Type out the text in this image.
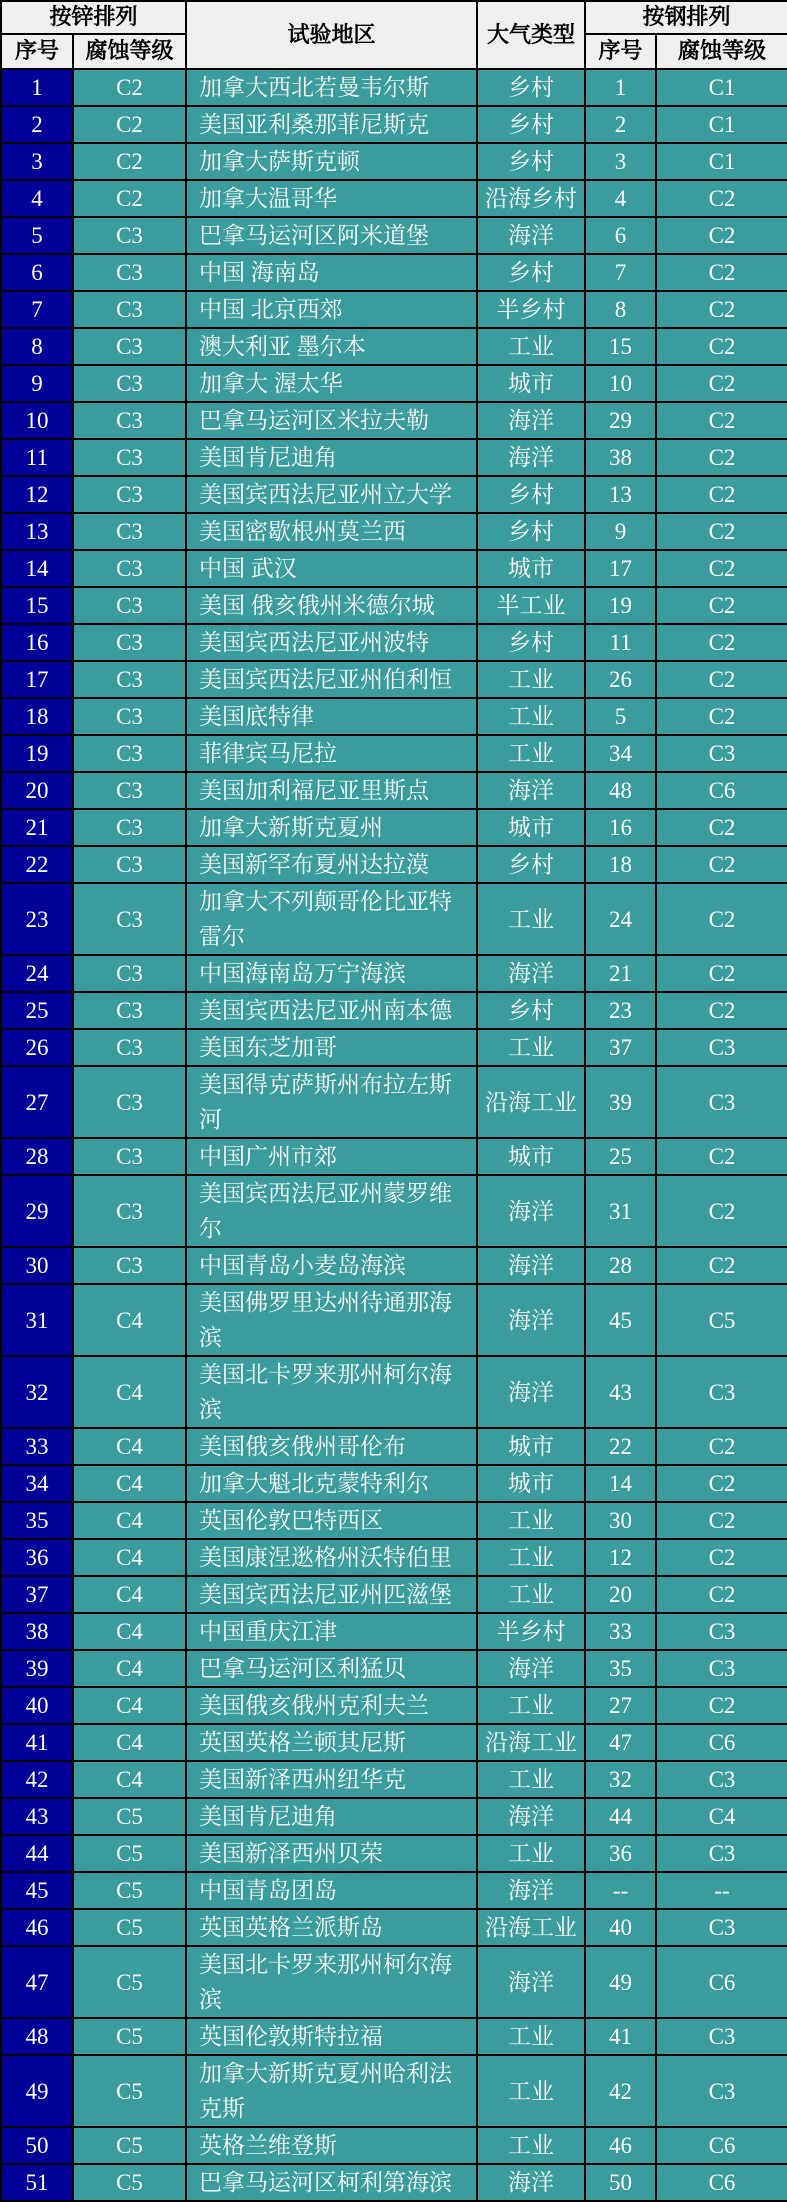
按锌排列		试验地区	大气类型	按钢排列	
序号	腐蚀等级			序号	腐蚀等级
1	C2	加拿大西北若曼韦尔斯	乡村	1	C1
2	C2	美国亚利桑那菲尼斯克	乡村	2	C1
3	C2	加拿大萨斯克顿	乡村	3	C1
4	C2	加拿大温哥华	沿海乡村	4	C2
5	C3	巴拿马运河区阿米道堡	海洋	6	C2
6	C3	中国 海南岛	乡村	7	C2
7	C3	中国 北京西郊	半乡村	8	C2
8	C3	澳大利亚 墨尔本	工业	15	C2
9	C3	加拿大 渥太华	城市	10	C2
10	C3	巴拿马运河区米拉夫勒	海洋	29	C2
11	C3	美国肯尼迪角	海洋	38	C2
12	C3	美国宾西法尼亚州立大学	乡村	13	C2
13	C3	美国密歇根州莫兰西	乡村	9	C2
14	C3	中国 武汉	城市	17	C2
15	C3	美国 俄亥俄州米德尔城	半工业	19	C2
16	C3	美国宾西法尼亚州波特	乡村	11	C2
17	C3	美国宾西法尼亚州伯利恒	工业	26	C2
18	C3	美国底特律	工业	5	C2
19	C3	菲律宾马尼拉	工业	34	C3
20	C3	美国加利福尼亚里斯点	海洋	48	C6
21	C3	加拿大新斯克夏州	城市	16	C2
22	C3	美国新罕布夏州达拉漠	乡村	18	C2
23	C3	加拿大不列颠哥伦比亚特雷尔	工业	24	C2
24	C3	中国海南岛万宁海滨	海洋	21	C2
25	C3	美国宾西法尼亚州南本德	乡村	23	C2
26	C3	美国东芝加哥	工业	37	C3
27	C3	美国得克萨斯州布拉左斯河	沿海工业	39	C3
28	C3	中国广州市郊	城市	25	C2
29	C3	美国宾西法尼亚州蒙罗维尔	海洋	31	C2
30	C3	中国青岛小麦岛海滨	海洋	28	C2
31	C4	美国佛罗里达州待通那海滨	海洋	45	C5
32	C4	美国北卡罗来那州柯尔海滨	海洋	43	C3
33	C4	美国俄亥俄州哥伦布	城市	22	C2
34	C4	加拿大魁北克蒙特利尔	城市	14	C2
35	C4	英国伦敦巴特西区	工业	30	C2
36	C4	美国康涅逖格州沃特伯里	工业	12	C2
37	C4	美国宾西法尼亚州匹滋堡	工业	20	C2
38	C4	中国重庆江津	半乡村	33	C3
39	C4	巴拿马运河区利猛贝	海洋	35	C3
40	C4	美国俄亥俄州克利夫兰	工业	27	C2
41	C4	英国英格兰顿其尼斯	沿海工业	47	C6
42	C4	美国新泽西州纽华克	工业	32	C3
43	C5	美国肯尼迪角	海洋	44	C4
44	C5	美国新泽西州贝荣	工业	36	C3
45	C5	中国青岛团岛	海洋	--	--
46	C5	英国英格兰派斯岛	沿海工业	40	C3
47	C5	美国北卡罗来那州柯尔海滨	海洋	49	C6
48	C5	英国伦敦斯特拉福	工业	41	C3
49	C5	加拿大新斯克夏州哈利法克斯	工业	42	C3
50	C5	英格兰维登斯	工业	46	C6
51	C5	巴拿马运河区柯利第海滨	海洋	50	C6
